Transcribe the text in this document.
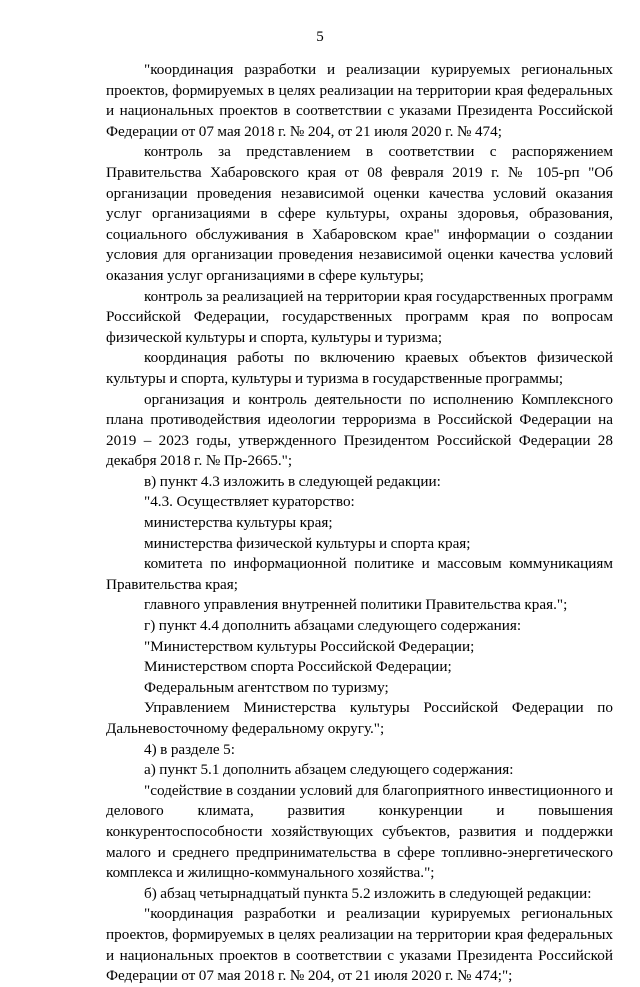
5

"координация разработки и реализации курируемых региональных проектов, формируемых в целях реализации на территории края федеральных и национальных проектов в соответствии с указами Президента Российской Федерации от 07 мая 2018 г. № 204, от 21 июля 2020 г. № 474;

контроль за представлением в соответствии с распоряжением Правительства Хабаровского края от 08 февраля 2019 г. № 105-рп "Об организации проведения независимой оценки качества условий оказания услуг организациями в сфере культуры, охраны здоровья, образования, социального обслуживания в Хабаровском крае" информации о создании условия для организации проведения независимой оценки качества условий оказания услуг организациями в сфере культуры;

контроль за реализацией на территории края государственных программ Российской Федерации, государственных программ края по вопросам физической культуры и спорта, культуры и туризма;

координация работы по включению краевых объектов физической культуры и спорта, культуры и туризма в государственные программы;

организация и контроль деятельности по исполнению Комплексного плана противодействия идеологии терроризма в Российской Федерации на 2019 – 2023 годы, утвержденного Президентом Российской Федерации 28 декабря 2018 г. № Пр-2665.";

в) пункт 4.3 изложить в следующей редакции:

"4.3. Осуществляет кураторство:

министерства культуры края;

министерства физической культуры и спорта края;

комитета по информационной политике и массовым коммуникациям Правительства края;

главного управления внутренней политики Правительства края.";

г) пункт 4.4 дополнить абзацами следующего содержания:

"Министерством культуры Российской Федерации;

Министерством спорта Российской Федерации;

Федеральным агентством по туризму;

Управлением Министерства культуры Российской Федерации по Дальневосточному федеральному округу.";

4) в разделе 5:

а) пункт 5.1 дополнить абзацем следующего содержания:

"содействие в создании условий для благоприятного инвестиционного и делового климата, развития конкуренции и повышения конкурентоспособности хозяйствующих субъектов, развития и поддержки малого и среднего предпринимательства в сфере топливно-энергетического комплекса и жилищно-коммунального хозяйства.";

б) абзац четырнадцатый пункта 5.2 изложить в следующей редакции:

"координация разработки и реализации курируемых региональных проектов, формируемых в целях реализации на территории края федеральных и национальных проектов в соответствии с указами Президента Российской Федерации от 07 мая 2018 г. № 204, от 21 июля 2020 г. № 474;";
